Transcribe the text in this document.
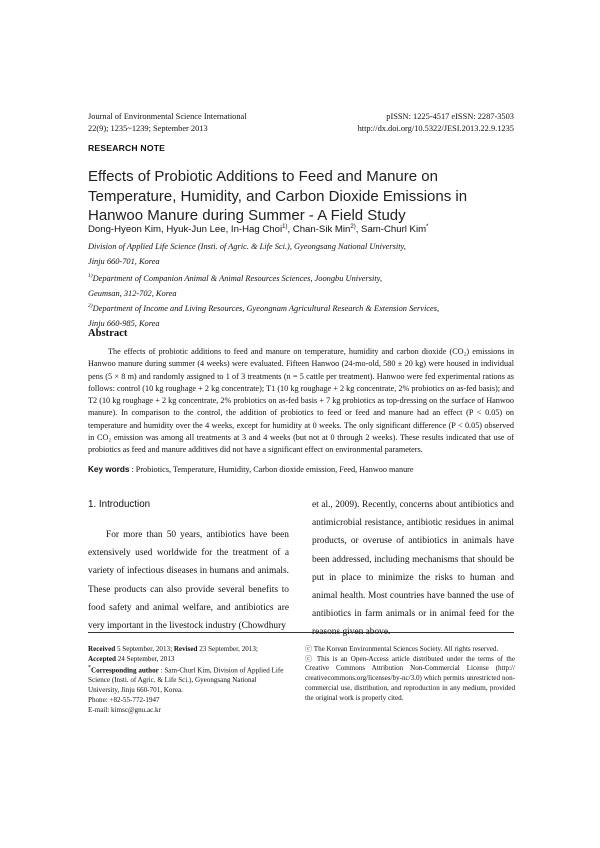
Journal of Environmental Science International
22(9); 1235~1239; September 2013
pISSN: 1225-4517 eISSN: 2287-3503
http://dx.doi.org/10.5322/JESI.2013.22.9.1235
RESEARCH NOTE
Effects of Probiotic Additions to Feed and Manure on Temperature, Humidity, and Carbon Dioxide Emissions in Hanwoo Manure during Summer - A Field Study
Dong-Hyeon Kim, Hyuk-Jun Lee, In-Hag Choi$^{1)}$, Chan-Sik Min$^{2)}$, Sam-Churl Kim*
Division of Applied Life Science (Insti. of Agric. & Life Sci.), Gyeongsang National University,
Jinju 660-701, Korea
$^{1)}$Department of Companion Animal & Animal Resources Sciences, Joongbu University,
Geumsan, 312-702, Korea
$^{2)}$Department of Income and Living Resources, Gyeongnam Agricultural Research & Extension Services,
Jinju 660-985, Korea
Abstract
The effects of probiotic additions to feed and manure on temperature, humidity and carbon dioxide (CO₂) emissions in Hanwoo manure during summer (4 weeks) were evaluated. Fifteen Hanwoo (24-mo-old, 580 ± 20 kg) were housed in individual pens (5 × 8 m) and randomly assigned to 1 of 3 treatments (n = 5 cattle per treatment). Hanwoo were fed experimental rations as follows: control (10 kg roughage + 2 kg concentrate); T1 (10 kg roughage + 2 kg concentrate, 2% probiotics on as-fed basis); and T2 (10 kg roughage + 2 kg concentrate, 2% probiotics on as-fed basis + 7 kg probiotics as top-dressing on the surface of Hanwoo manure). In comparison to the control, the addition of probiotics to feed or feed and manure had an effect (P < 0.05) on temperature and humidity over the 4 weeks, except for humidity at 0 weeks. The only significant difference (P < 0.05) observed in CO₂ emission was among all treatments at 3 and 4 weeks (but not at 0 through 2 weeks). These results indicated that use of probiotics as feed and manure additives did not have a significant effect on environmental parameters.
Key words : Probiotics, Temperature, Humidity, Carbon dioxide emission, Feed, Hanwoo manure
1. Introduction
For more than 50 years, antibiotics have been extensively used worldwide for the treatment of a variety of infectious diseases in humans and animals. These products can also provide several benefits to food safety and animal welfare, and antibiotics are very important in the livestock industry (Chowdhury
et al., 2009). Recently, concerns about antibiotics and antimicrobial resistance, antibiotic residues in animal products, or overuse of antibiotics in animals have been addressed, including mechanisms that should be put in place to minimize the risks to human and animal health. Most countries have banned the use of antibiotics in farm animals or in animal feed for the reasons given above.
Received 5 September, 2013; Revised 23 September, 2013;
Accepted 24 September, 2013
*Corresponding author : Sam-Churl Kim, Division of Applied Life Science (Insti. of Agric. & Life Sci.), Gyeongsang National University, Jinju 660-701, Korea.
Phone: +82-55-772-1947
E-mail: kimsc@gnu.ac.kr
ⓒ The Korean Environmental Sciences Society. All rights reserved.
ⓒ This is an Open-Access article distributed under the terms of the Creative Commons Attribution Non-Commercial License (http:// creativecommons.org/licenses/by-nc/3.0) which permits unrestricted non-commercial use, distribution, and reproduction in any medium, provided the original work is properly cited.
